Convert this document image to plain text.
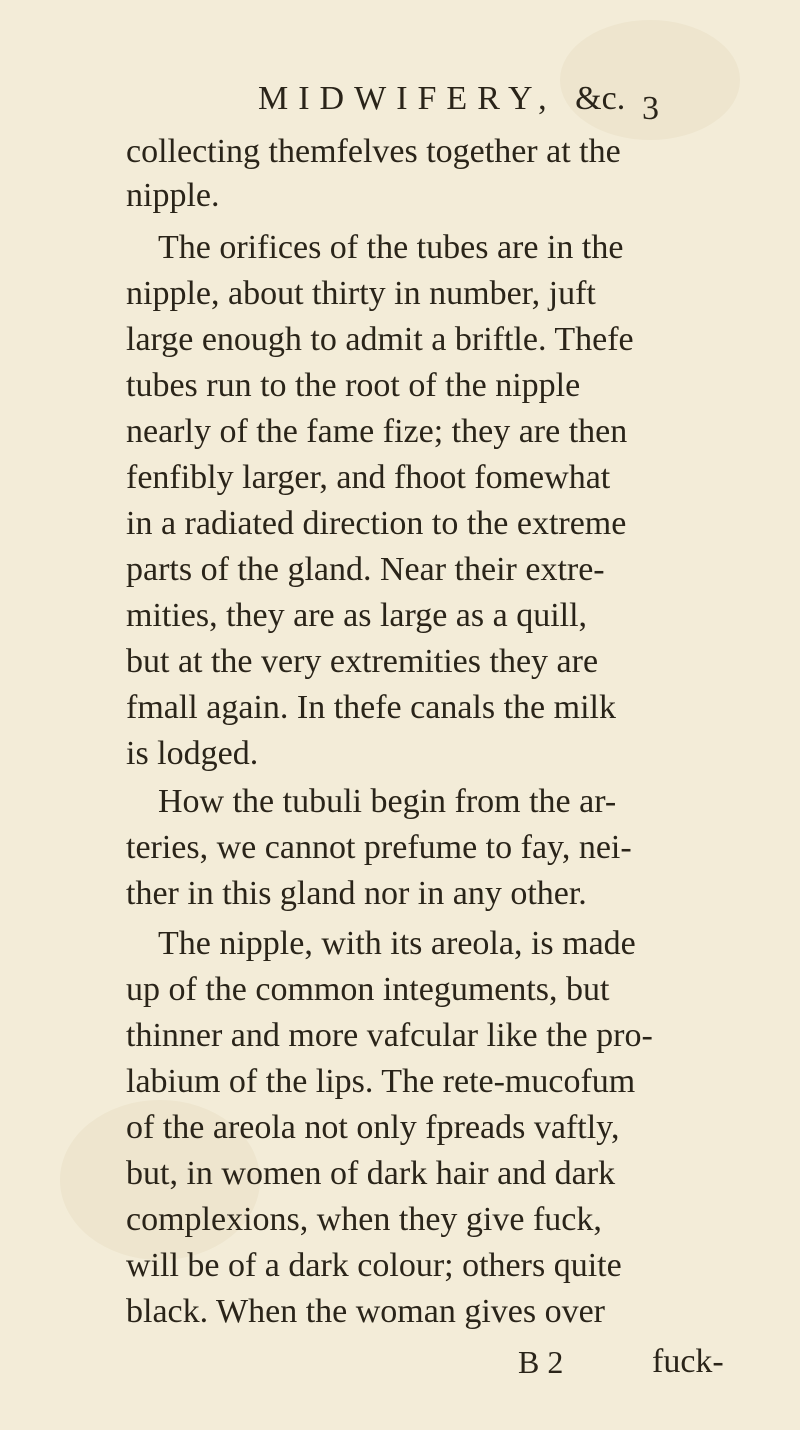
MIDWIFERY, &c. 3
collecting themfelves together at the
nipple.
The orifices of the tubes are in the
nipple, about thirty in number, juft
large enough to admit a briftle. Thefe
tubes run to the root of the nipple
nearly of the fame fize; they are then
fenfibly larger, and fhoot fomewhat
in a radiated direction to the extreme
parts of the gland. Near their extre-
mities, they are as large as a quill,
but at the very extremities they are
fmall again. In thefe canals the milk
is lodged.
How the tubuli begin from the ar-
teries, we cannot prefume to fay, nei-
ther in this gland nor in any other.
The nipple, with its areola, is made
up of the common integuments, but
thinner and more vafcular like the pro-
labium of the lips. The rete-mucofum
of the areola not only fpreads vaftly,
but, in women of dark hair and dark
complexions, when they give fuck,
will be of a dark colour; others quite
black. When the woman gives over
B 2	fuck-
